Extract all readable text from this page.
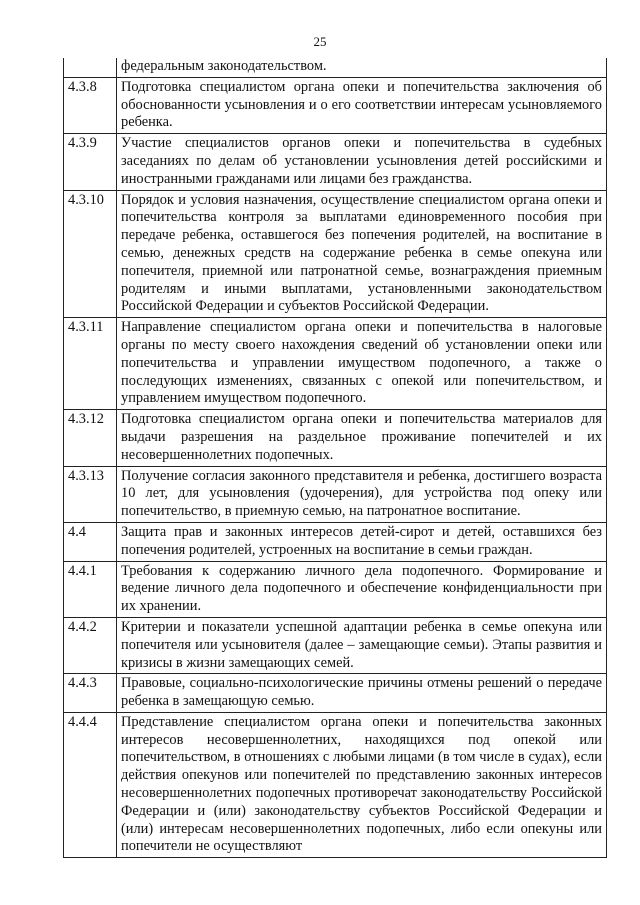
25
	федеральным законодательством.
4.3.8	Подготовка специалистом органа опеки и попечительства заключения об обоснованности усыновления и о его соответствии интересам усыновляемого ребенка.
4.3.9	Участие специалистов органов опеки и попечительства в судебных заседаниях по делам об установлении усыновления детей российскими и иностранными гражданами или лицами без гражданства.
4.3.10	Порядок и условия назначения, осуществление специалистом органа опеки и попечительства контроля за выплатами единовременного пособия при передаче ребенка, оставшегося без попечения родителей, на воспитание в семью, денежных средств на содержание ребенка в семье опекуна или попечителя, приемной или патронатной семье, вознаграждения приемным родителям и иными выплатами, установленными законодательством Российской Федерации и субъектов Российской Федерации.
4.3.11	Направление специалистом органа опеки и попечительства в налоговые органы по месту своего нахождения сведений об установлении опеки или попечительства и управлении имуществом подопечного, а также о последующих изменениях, связанных с опекой или попечительством, и управлением имуществом подопечного.
4.3.12	Подготовка специалистом органа опеки и попечительства материалов для выдачи разрешения на раздельное проживание попечителей и их несовершеннолетних подопечных.
4.3.13	Получение согласия законного представителя и ребенка, достигшего возраста 10 лет, для усыновления (удочерения), для устройства под опеку или попечительство, в приемную семью, на патронатное воспитание.
4.4	Защита прав и законных интересов детей-сирот и детей, оставшихся без попечения родителей, устроенных на воспитание в семьи граждан.
4.4.1	Требования к содержанию личного дела подопечного. Формирование и ведение личного дела подопечного и обеспечение конфиденциальности при их хранении.
4.4.2	Критерии и показатели успешной адаптации ребенка в семье опекуна или попечителя или усыновителя (далее – замещающие семьи). Этапы развития и кризисы в жизни замещающих семей.
4.4.3	Правовые, социально-психологические причины отмены решений о передаче ребенка в замещающую семью.
4.4.4	Представление специалистом органа опеки и попечительства законных интересов несовершеннолетних, находящихся под опекой или попечительством, в отношениях с любыми лицами (в том числе в судах), если действия опекунов или попечителей по представлению законных интересов несовершеннолетних подопечных противоречат законодательству Российской Федерации и (или) законодательству субъектов Российской Федерации и (или) интересам несовершеннолетних подопечных, либо если опекуны или попечители не осуществляют
